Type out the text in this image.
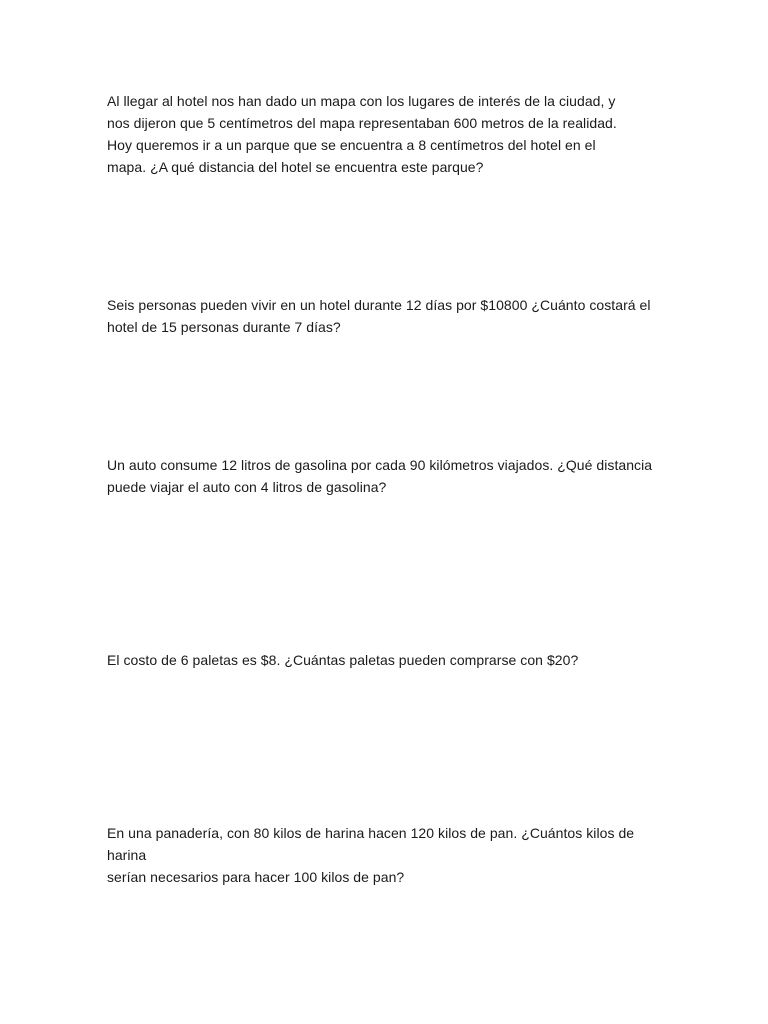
Al llegar al hotel nos han dado un mapa con los lugares de interés de la ciudad, y
nos dijeron que 5 centímetros del mapa representaban 600 metros de la realidad.
Hoy queremos ir a un parque que se encuentra a 8 centímetros del hotel en el
mapa. ¿A qué distancia del hotel se encuentra este parque?

Seis personas pueden vivir en un hotel durante 12 días por $10800 ¿Cuánto costará el
hotel de 15 personas durante 7 días?

Un auto consume 12 litros de gasolina por cada 90 kilómetros viajados. ¿Qué distancia
puede viajar el auto con 4 litros de gasolina?

El costo de 6 paletas es $8. ¿Cuántas paletas pueden comprarse con $20?

En una panadería, con 80 kilos de harina hacen 120 kilos de pan. ¿Cuántos kilos de harina
serían necesarios para hacer 100 kilos de pan?
